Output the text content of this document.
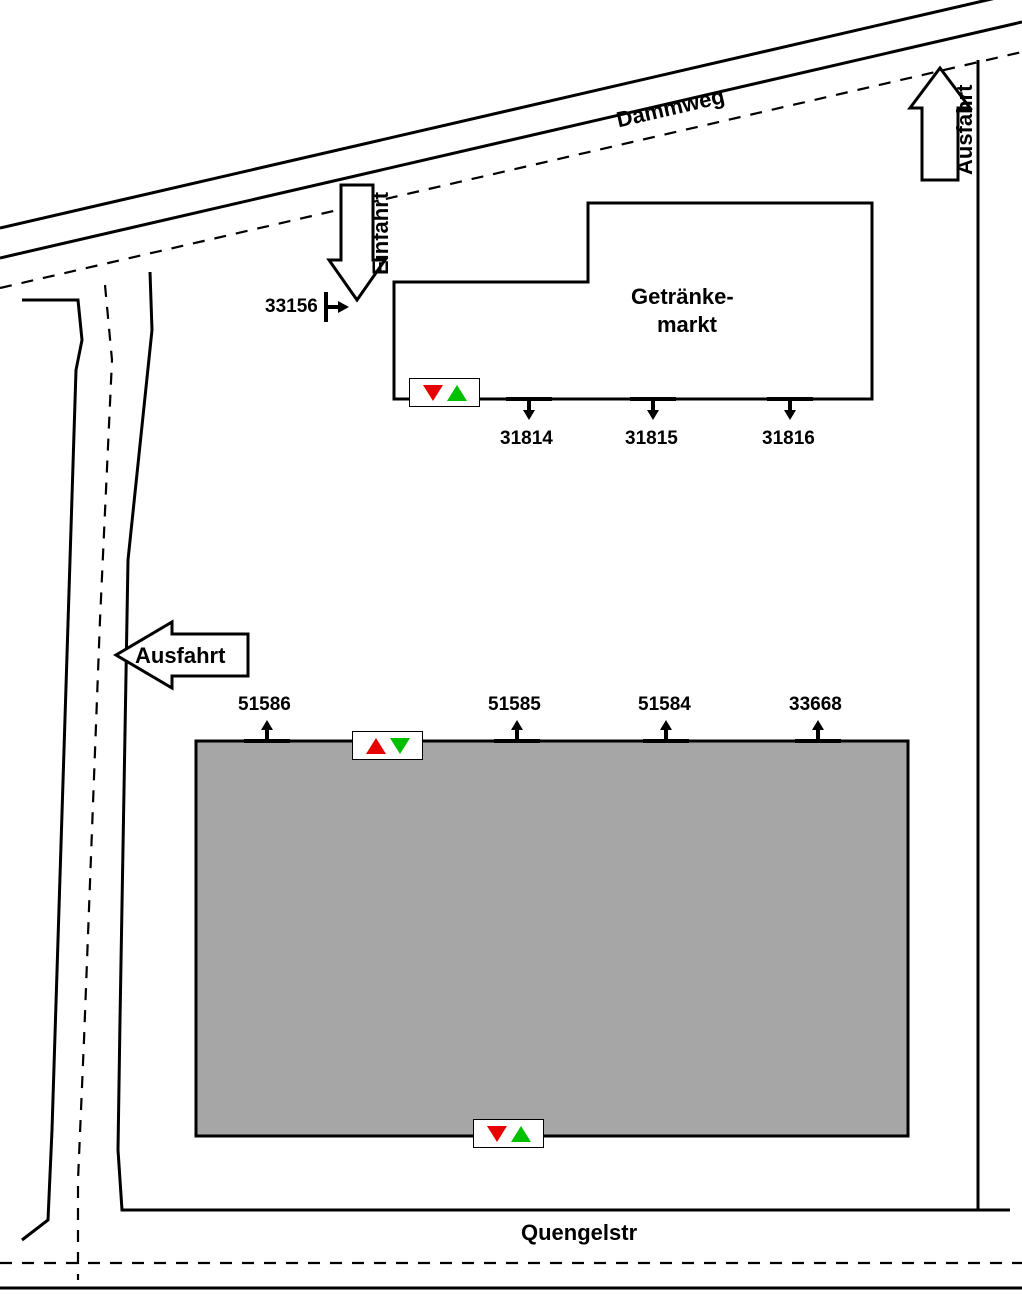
Dammweg
Quengelstr
Getränke-
markt
Einfahrt
Ausfahrt
Ausfahrt
33156
31814	31815	31816
51586	51585	51584	33668
